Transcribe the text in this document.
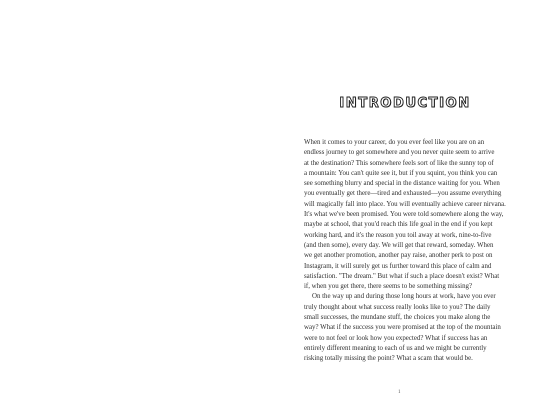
INTRODUCTION

When it comes to your career, do you ever feel like you are on an
endless journey to get somewhere and you never quite seem to arrive
at the destination? This somewhere feels sort of like the sunny top of
a mountain: You can't quite see it, but if you squint, you think you can
see something blurry and special in the distance waiting for you. When
you eventually get there—tired and exhausted—you assume everything
will magically fall into place. You will eventually achieve career nirvana.
It's what we've been promised. You were told somewhere along the way,
maybe at school, that you'd reach this life goal in the end if you kept
working hard, and it's the reason you toil away at work, nine-to-five
(and then some), every day. We will get that reward, someday. When
we get another promotion, another pay raise, another perk to post on
Instagram, it will surely get us further toward this place of calm and
satisfaction. "The dream." But what if such a place doesn't exist? What
if, when you get there, there seems to be something missing?

On the way up and during those long hours at work, have you ever
truly thought about what success really looks like to you? The daily
small successes, the mundane stuff, the choices you make along the
way? What if the success you were promised at the top of the mountain
were to not feel or look how you expected? What if success has an
entirely different meaning to each of us and we might be currently
risking totally missing the point? What a scam that would be.

1
